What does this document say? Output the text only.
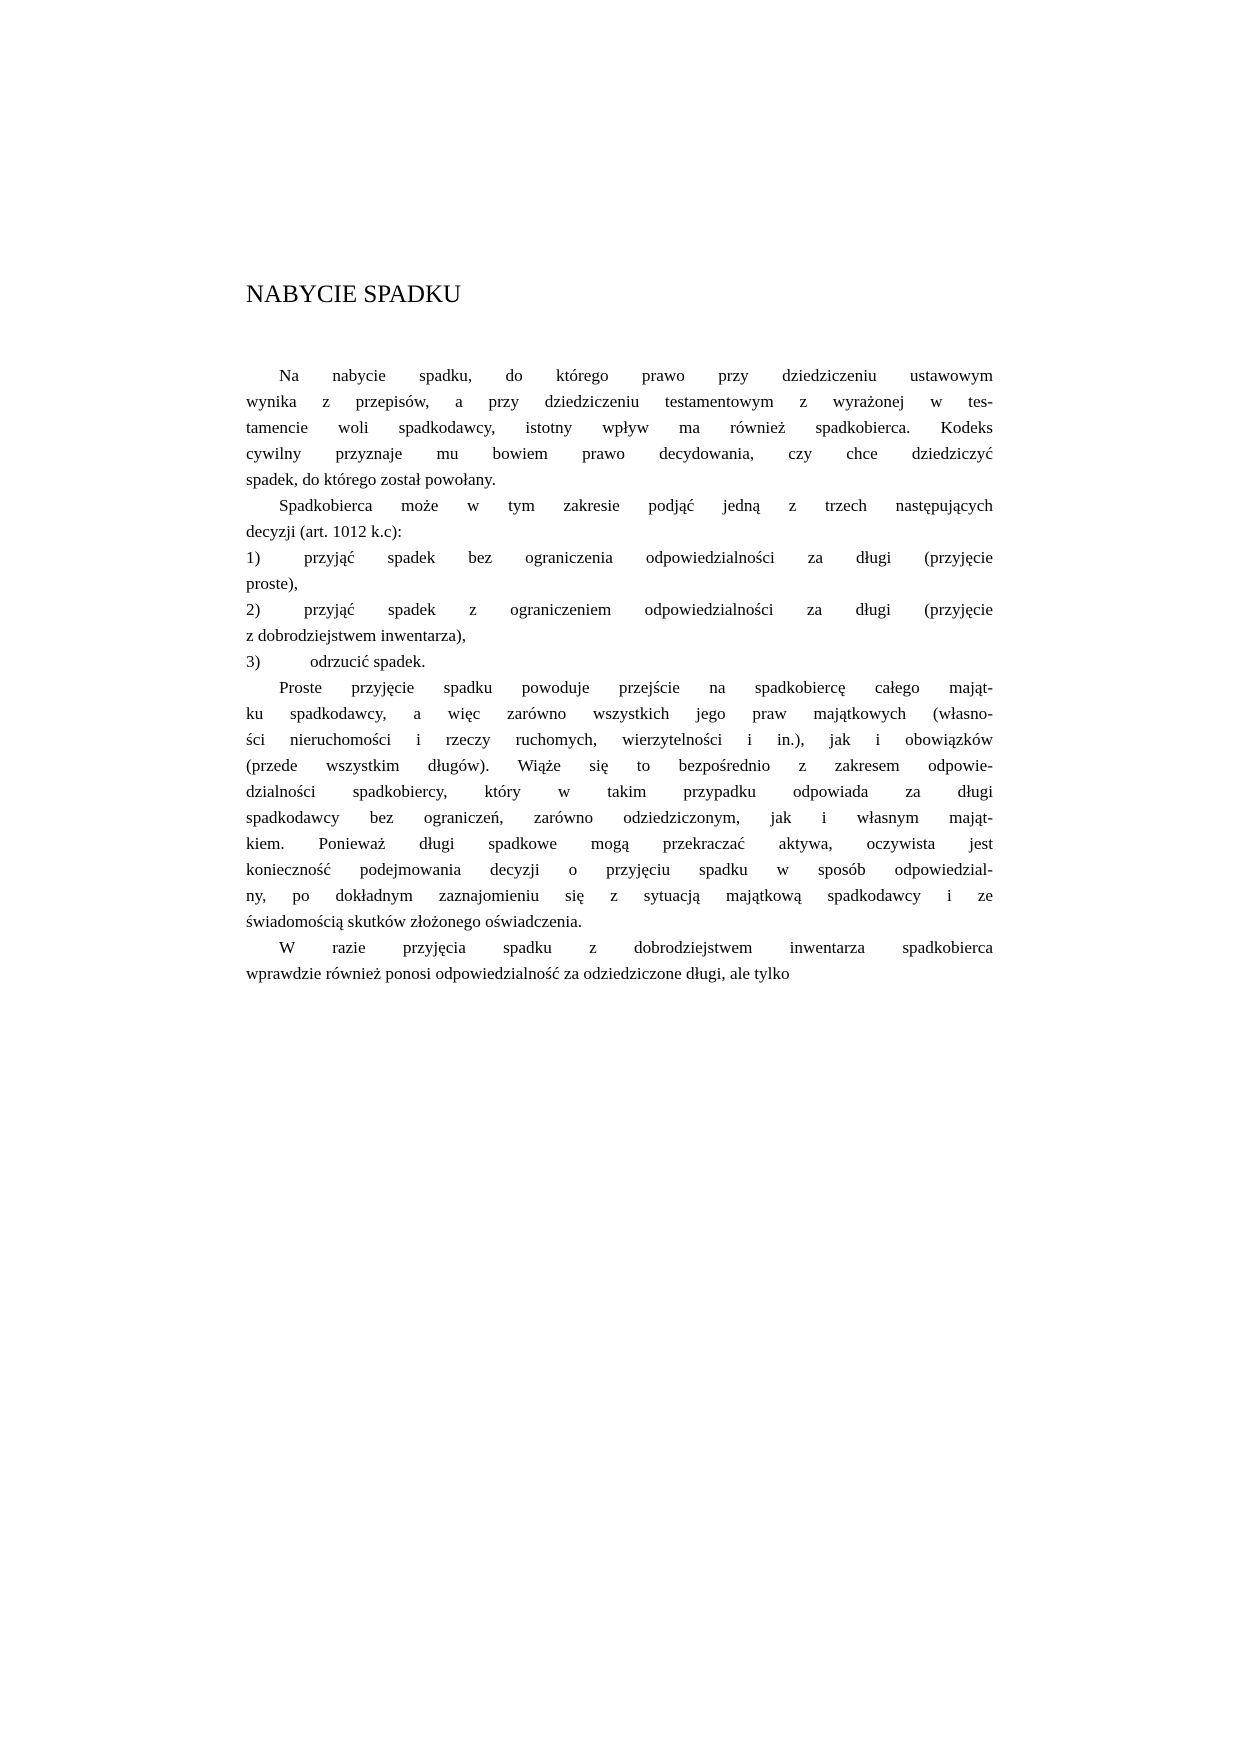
NABYCIE SPADKU
Na nabycie spadku, do którego prawo przy dziedziczeniu ustawowym
wynika z przepisów, a przy dziedziczeniu testamentowym z wyrażonej w tes-
tamencie woli spadkodawcy, istotny wpływ ma również spadkobierca. Kodeks
cywilny przyznaje mu bowiem prawo decydowania, czy chce dziedziczyć
spadek, do którego został powołany.
Spadkobierca może w tym zakresie podjąć jedną z trzech następujących
decyzji (art. 1012 k.c):
1)	przyjąć spadek bez ograniczenia odpowiedzialności za długi (przyjęcie
proste),
2)	przyjąć spadek z ograniczeniem odpowiedzialności za długi (przyjęcie
z dobrodziejstwem inwentarza),
3)	odrzucić spadek.
Proste przyjęcie spadku powoduje przejście na spadkobiercę całego mająt-
ku spadkodawcy, a więc zarówno wszystkich jego praw majątkowych (własno-
ści nieruchomości i rzeczy ruchomych, wierzytelności i in.), jak i obowiązków
(przede wszystkim długów). Wiąże się to bezpośrednio z zakresem odpowie-
dzialności spadkobiercy, który w takim przypadku odpowiada za długi
spadkodawcy bez ograniczeń, zarówno odziedziczonym, jak i własnym mająt-
kiem. Ponieważ długi spadkowe mogą przekraczać aktywa, oczywista jest
konieczność podejmowania decyzji o przyjęciu spadku w sposób odpowiedzial-
ny, po dokładnym zaznajomieniu się z sytuacją majątkową spadkodawcy i ze
świadomością skutków złożonego oświadczenia.
W razie przyjęcia spadku z dobrodziejstwem inwentarza spadkobierca
wprawdzie również ponosi odpowiedzialność za odziedziczone długi, ale tylko
